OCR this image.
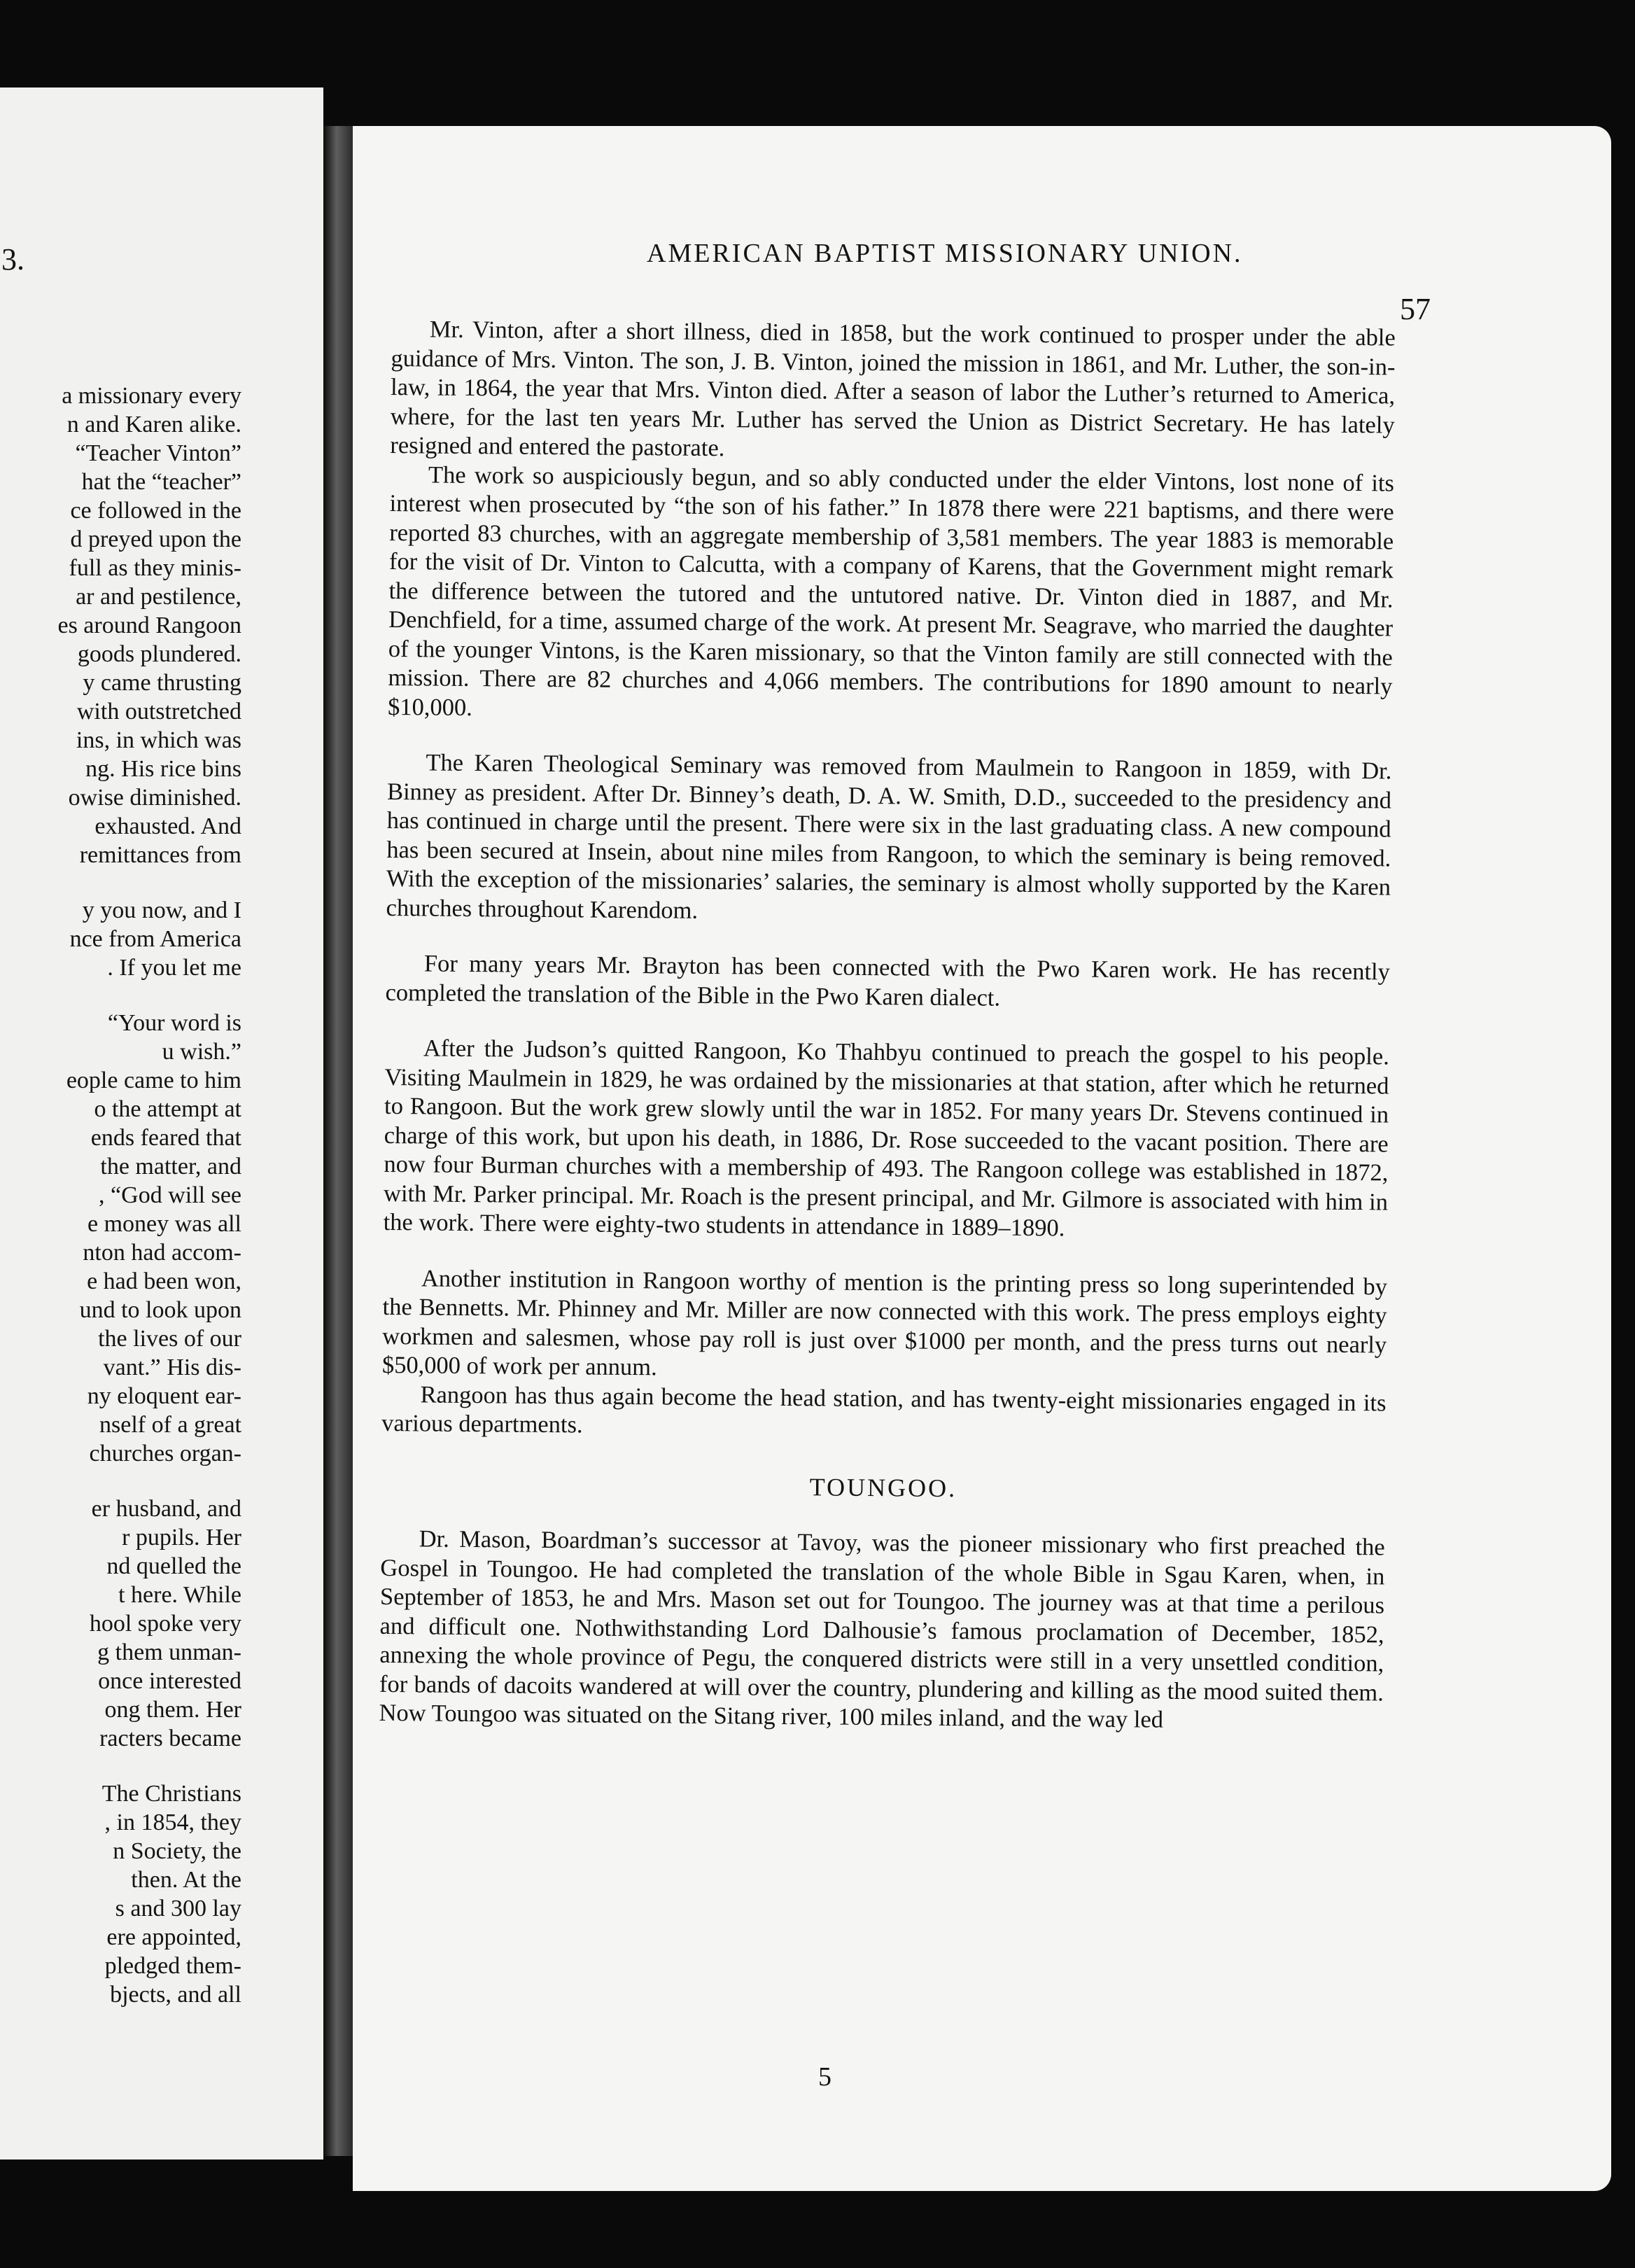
3.
a missionary every
n and Karen alike.
“Teacher Vinton”
hat the “teacher”
ce followed in the
d preyed upon the
full as they minis-
ar and pestilence,
es around Rangoon
goods plundered.
y came thrusting
with outstretched
ins, in which was
ng. His rice bins
owise diminished.
exhausted. And
remittances from
y you now, and I
nce from America
. If you let me
“Your word is
u wish.”
eople came to him
o the attempt at
ends feared that
the matter, and
, “God will see
e money was all
nton had accom-
e had been won,
und to look upon
the lives of our
vant.” His dis-
ny eloquent ear-
nself of a great
churches organ-
er husband, and
r pupils. Her
nd quelled the
t here. While
hool spoke very
g them unman-
once interested
ong them. Her
racters became
The Christians
, in 1854, they
n Society, the
then. At the
s and 300 lay
ere appointed,
pledged them-
bjects, and all
AMERICAN BAPTIST MISSIONARY UNION.
57

Mr. Vinton, after a short illness, died in 1858, but the work continued to prosper under the able guidance of Mrs. Vinton. The son, J. B. Vinton, joined the mission in 1861, and Mr. Luther, the son-in-law, in 1864, the year that Mrs. Vinton died. After a season of labor the Luther’s returned to America, where, for the last ten years Mr. Luther has served the Union as District Secretary. He has lately resigned and entered the pastorate.

The work so auspiciously begun, and so ably conducted under the elder Vintons, lost none of its interest when prosecuted by “the son of his father.” In 1878 there were 221 baptisms, and there were reported 83 churches, with an aggregate membership of 3,581 members. The year 1883 is memorable for the visit of Dr. Vinton to Calcutta, with a company of Karens, that the Government might remark the difference between the tutored and the untutored native. Dr. Vinton died in 1887, and Mr. Denchfield, for a time, assumed charge of the work. At present Mr. Seagrave, who married the daughter of the younger Vintons, is the Karen missionary, so that the Vinton family are still connected with the mission. There are 82 churches and 4,066 members. The contributions for 1890 amount to nearly $10,000.

The Karen Theological Seminary was removed from Maulmein to Rangoon in 1859, with Dr. Binney as president. After Dr. Binney’s death, D. A. W. Smith, D.D., succeeded to the presidency and has continued in charge until the present. There were six in the last graduating class. A new compound has been secured at Insein, about nine miles from Rangoon, to which the seminary is being removed. With the exception of the missionaries’ salaries, the seminary is almost wholly supported by the Karen churches throughout Karendom.

For many years Mr. Brayton has been connected with the Pwo Karen work. He has recently completed the translation of the Bible in the Pwo Karen dialect.

After the Judson’s quitted Rangoon, Ko Thahbyu continued to preach the gospel to his people. Visiting Maulmein in 1829, he was ordained by the missionaries at that station, after which he returned to Rangoon. But the work grew slowly until the war in 1852. For many years Dr. Stevens continued in charge of this work, but upon his death, in 1886, Dr. Rose succeeded to the vacant position. There are now four Burman churches with a membership of 493. The Rangoon college was established in 1872, with Mr. Parker principal. Mr. Roach is the present principal, and Mr. Gilmore is associated with him in the work. There were eighty-two students in attendance in 1889–1890.

Another institution in Rangoon worthy of mention is the printing press so long superintended by the Bennetts. Mr. Phinney and Mr. Miller are now connected with this work. The press employs eighty workmen and salesmen, whose pay roll is just over $1000 per month, and the press turns out nearly $50,000 of work per annum.

Rangoon has thus again become the head station, and has twenty-eight missionaries engaged in its various departments.

TOUNGOO.

Dr. Mason, Boardman’s successor at Tavoy, was the pioneer missionary who first preached the Gospel in Toungoo. He had completed the translation of the whole Bible in Sgau Karen, when, in September of 1853, he and Mrs. Mason set out for Toungoo. The journey was at that time a perilous and difficult one. Nothwithstanding Lord Dalhousie’s famous proclamation of December, 1852, annexing the whole province of Pegu, the conquered districts were still in a very unsettled condition, for bands of dacoits wandered at will over the country, plundering and killing as the mood suited them. Now Toungoo was situated on the Sitang river, 100 miles inland, and the way led

5
